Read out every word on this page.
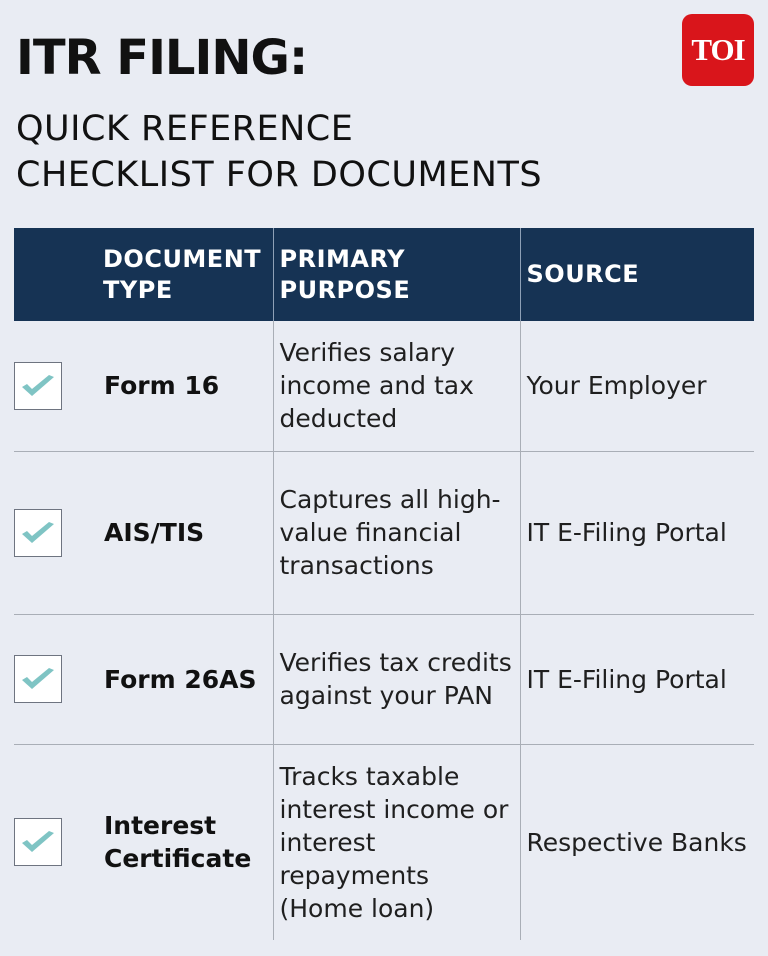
ITR FILING:
QUICK REFERENCE
CHECKLIST FOR DOCUMENTS
TOI
DOCUMENT TYPE	PRIMARY PURPOSE	SOURCE

Form 16	Verifies salary income and tax deducted	Your Employer

AIS/TIS	Captures all high-value financial transactions	IT E-Filing Portal

Form 26AS	Verifies tax credits against your PAN	IT E-Filing Portal

Interest Certificate	Tracks taxable interest income or interest repayments (Home loan)	Respective Banks
